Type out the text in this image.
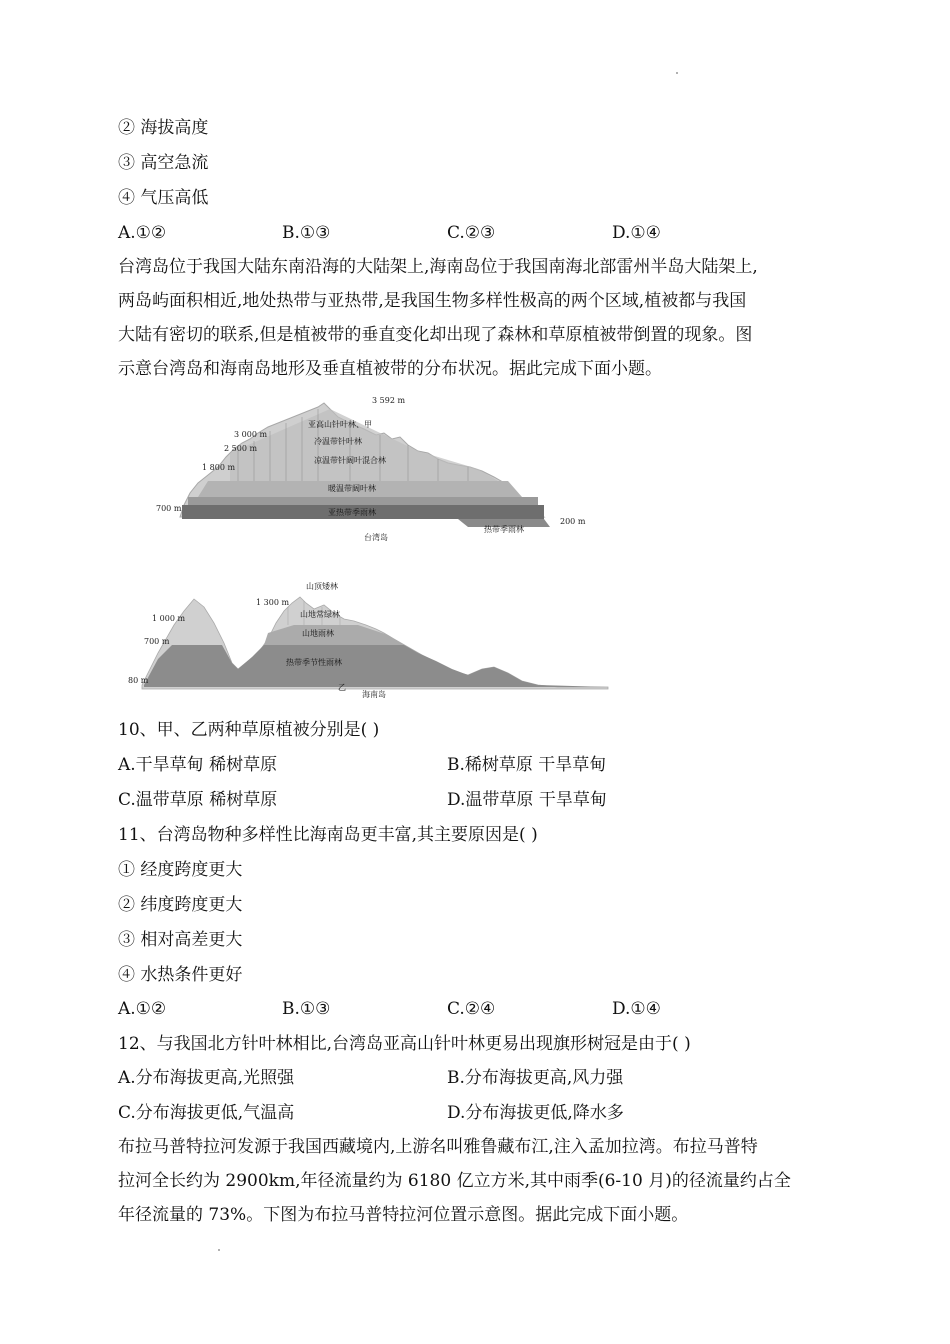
② 海拔高度
③ 高空急流
④ 气压高低
A.①②	B.①③	C.②③	D.①④
台湾岛位于我国大陆东南沿海的大陆架上,海南岛位于我国南海北部雷州半岛大陆架上,
两岛屿面积相近,地处热带与亚热带,是我国生物多样性极高的两个区域,植被都与我国
大陆有密切的联系,但是植被带的垂直变化却出现了森林和草原植被带倒置的现象。图
示意台湾岛和海南岛地形及垂直植被带的分布状况。据此完成下面小题。
3 592 m
3 000 m
2 500 m
1 800 m
700 m
200 m
亚高山针叶林、甲
冷温带针叶林
凉温带针阔叶混合林
暖温带阔叶林
亚热带季雨林
热带季雨林
台湾岛
1 300 m
1 000 m
700 m
80 m
山顶矮林
山地常绿林
山地雨林
热带季节性雨林
乙
海南岛
10、甲、乙两种草原植被分别是( )
A.干旱草甸 稀树草原	B.稀树草原 干旱草甸
C.温带草原 稀树草原	D.温带草原 干旱草甸
11、台湾岛物种多样性比海南岛更丰富,其主要原因是( )
① 经度跨度更大
② 纬度跨度更大
③ 相对高差更大
④ 水热条件更好
A.①②	B.①③	C.②④	D.①④
12、与我国北方针叶林相比,台湾岛亚高山针叶林更易出现旗形树冠是由于( )
A.分布海拔更高,光照强	B.分布海拔更高,风力强
C.分布海拔更低,气温高	D.分布海拔更低,降水多
布拉马普特拉河发源于我国西藏境内,上游名叫雅鲁藏布江,注入孟加拉湾。布拉马普特
拉河全长约为 2900km,年径流量约为 6180 亿立方米,其中雨季(6-10 月)的径流量约占全
年径流量的 73%。下图为布拉马普特拉河位置示意图。据此完成下面小题。
